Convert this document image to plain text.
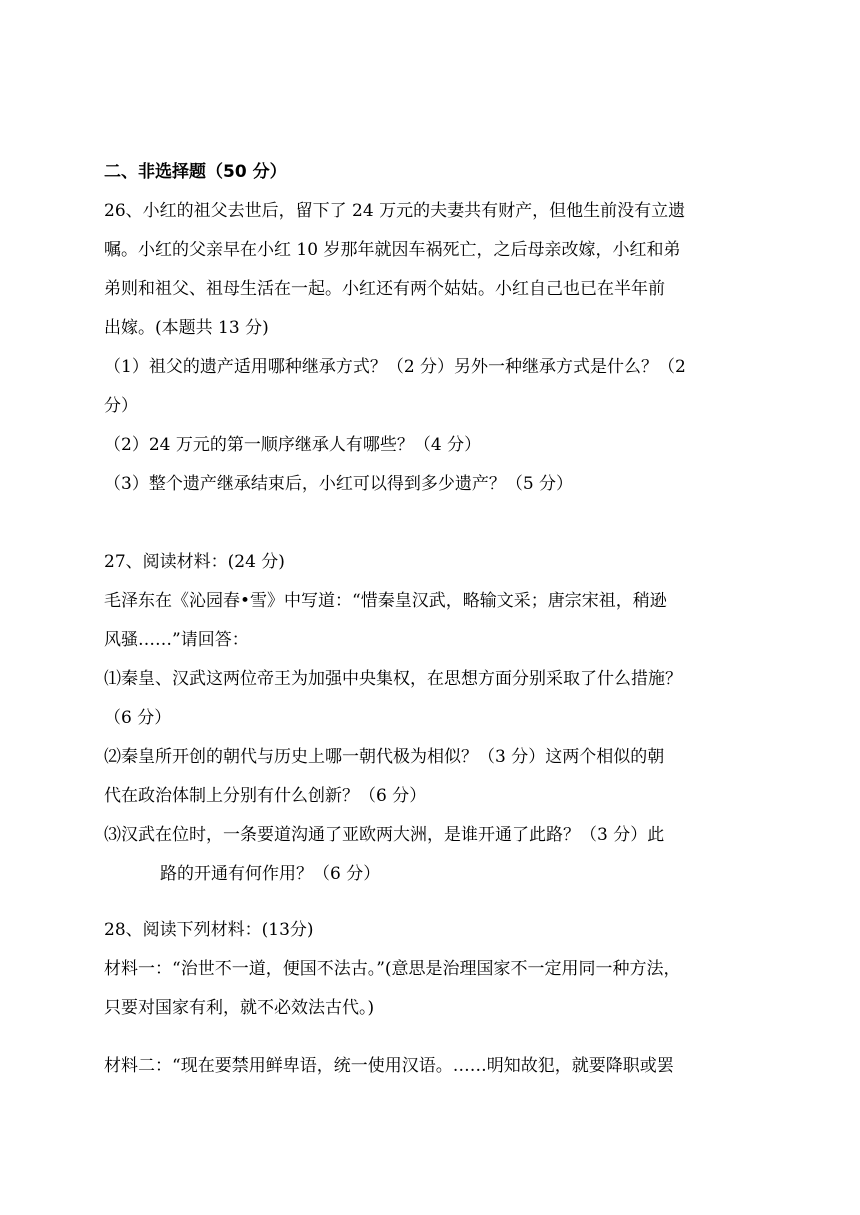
二、非选择题（50 分）
26、小红的祖父去世后，留下了 24 万元的夫妻共有财产，但他生前没有立遗
嘱。小红的父亲早在小红 10 岁那年就因车祸死亡，之后母亲改嫁，小红和弟
弟则和祖父、祖母生活在一起。小红还有两个姑姑。小红自己也已在半年前
出嫁。(本题共 13 分)
（1）祖父的遗产适用哪种继承方式？（2 分）另外一种继承方式是什么？（2
分）
（2）24 万元的第一顺序继承人有哪些？（4 分）
（3）整个遗产继承结束后，小红可以得到多少遗产？（5 分）
27、阅读材料：(24 分)
毛泽东在《沁园春•雪》中写道：“惜秦皇汉武，略输文采；唐宗宋祖，稍逊
风骚……”请回答：
⑴秦皇、汉武这两位帝王为加强中央集权，在思想方面分别采取了什么措施？
（6 分）
⑵秦皇所开创的朝代与历史上哪一朝代极为相似？（3 分）这两个相似的朝
代在政治体制上分别有什么创新？（6 分）
⑶汉武在位时，一条要道沟通了亚欧两大洲，是谁开通了此路？（3 分）此
路的开通有何作用？（6 分）
28、阅读下列材料：(13分)
材料一：“治世不一道，便国不法古。”(意思是治理国家不一定用同一种方法，
只要对国家有利，就不必效法古代。)
材料二：“现在要禁用鲜卑语，统一使用汉语。……明知故犯，就要降职或罢
